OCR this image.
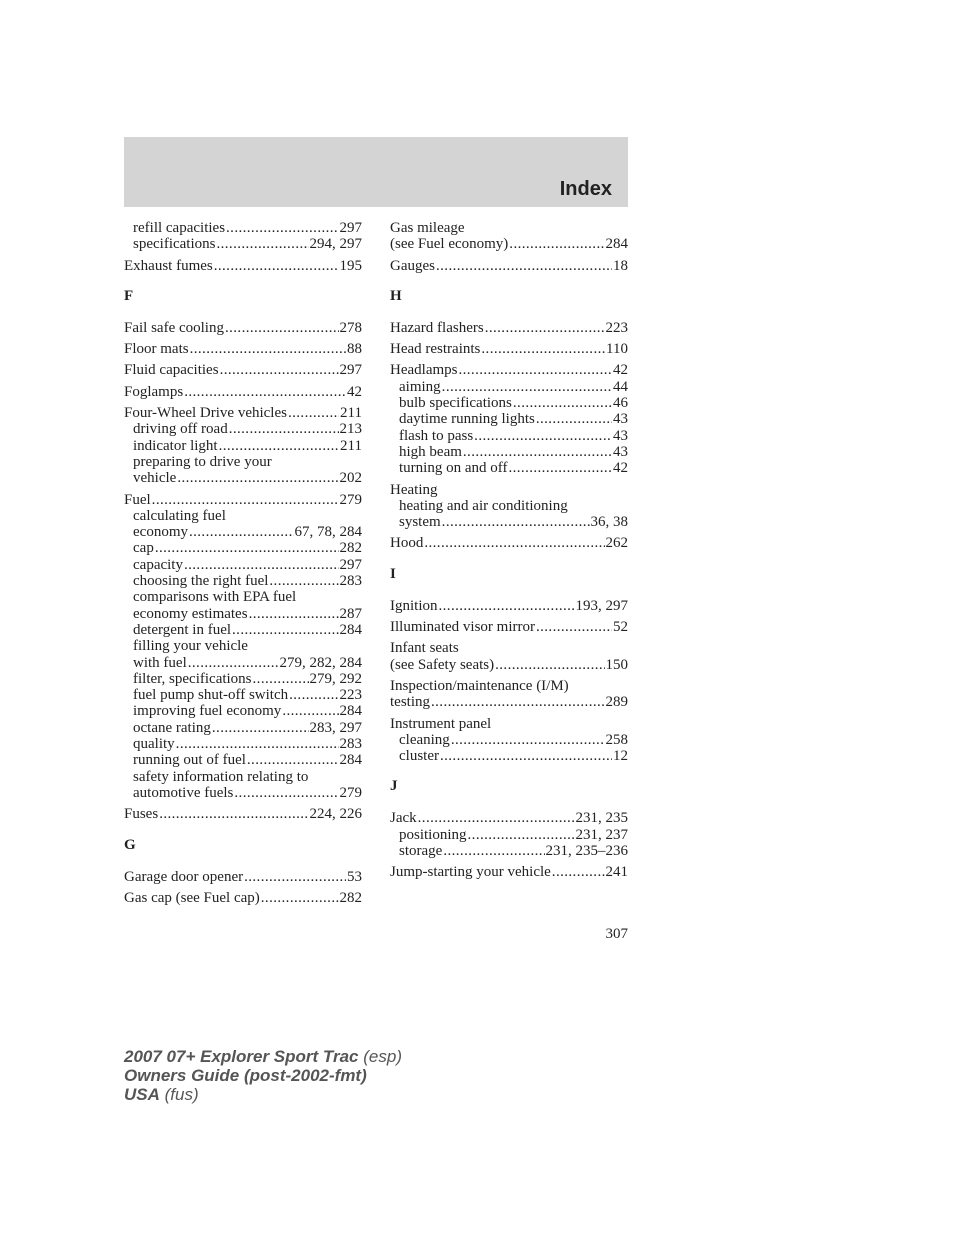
Index
refill capacities .....	297
specifications .....	294, 297
Exhaust fumes .....	195
F
Fail safe cooling .....	278
Floor mats .....	88
Fluid capacities .....	297
Foglamps .....	42
Four-Wheel Drive vehicles .....	211
driving off road .....	213
indicator light .....	211
preparing to drive your
vehicle .....	202
Fuel .....	279
calculating fuel
economy .....	67, 78, 284
cap .....	282
capacity .....	297
choosing the right fuel .....	283
comparisons with EPA fuel
economy estimates .....	287
detergent in fuel .....	284
filling your vehicle
with fuel .....	279, 282, 284
filter, specifications .....	279, 292
fuel pump shut-off switch .....	223
improving fuel economy .....	284
octane rating .....	283, 297
quality .....	283
running out of fuel .....	284
safety information relating to
automotive fuels .....	279
Fuses .....	224, 226
G
Garage door opener .....	53
Gas cap (see Fuel cap) .....	282
Gas mileage
(see Fuel economy) .....	284
Gauges .....	18
H
Hazard flashers .....	223
Head restraints .....	110
Headlamps .....	42
aiming .....	44
bulb specifications .....	46
daytime running lights .....	43
flash to pass .....	43
high beam .....	43
turning on and off .....	42
Heating
heating and air conditioning
system .....	36, 38
Hood .....	262
I
Ignition .....	193, 297
Illuminated visor mirror .....	52
Infant seats
(see Safety seats) .....	150
Inspection/maintenance (I/M)
testing .....	289
Instrument panel
cleaning .....	258
cluster .....	12
J
Jack .....	231, 235
positioning .....	231, 237
storage .....	231, 235–236
Jump-starting your vehicle .....	241
307
2007 07+ Explorer Sport Trac (esp)
Owners Guide (post-2002-fmt)
USA (fus)
